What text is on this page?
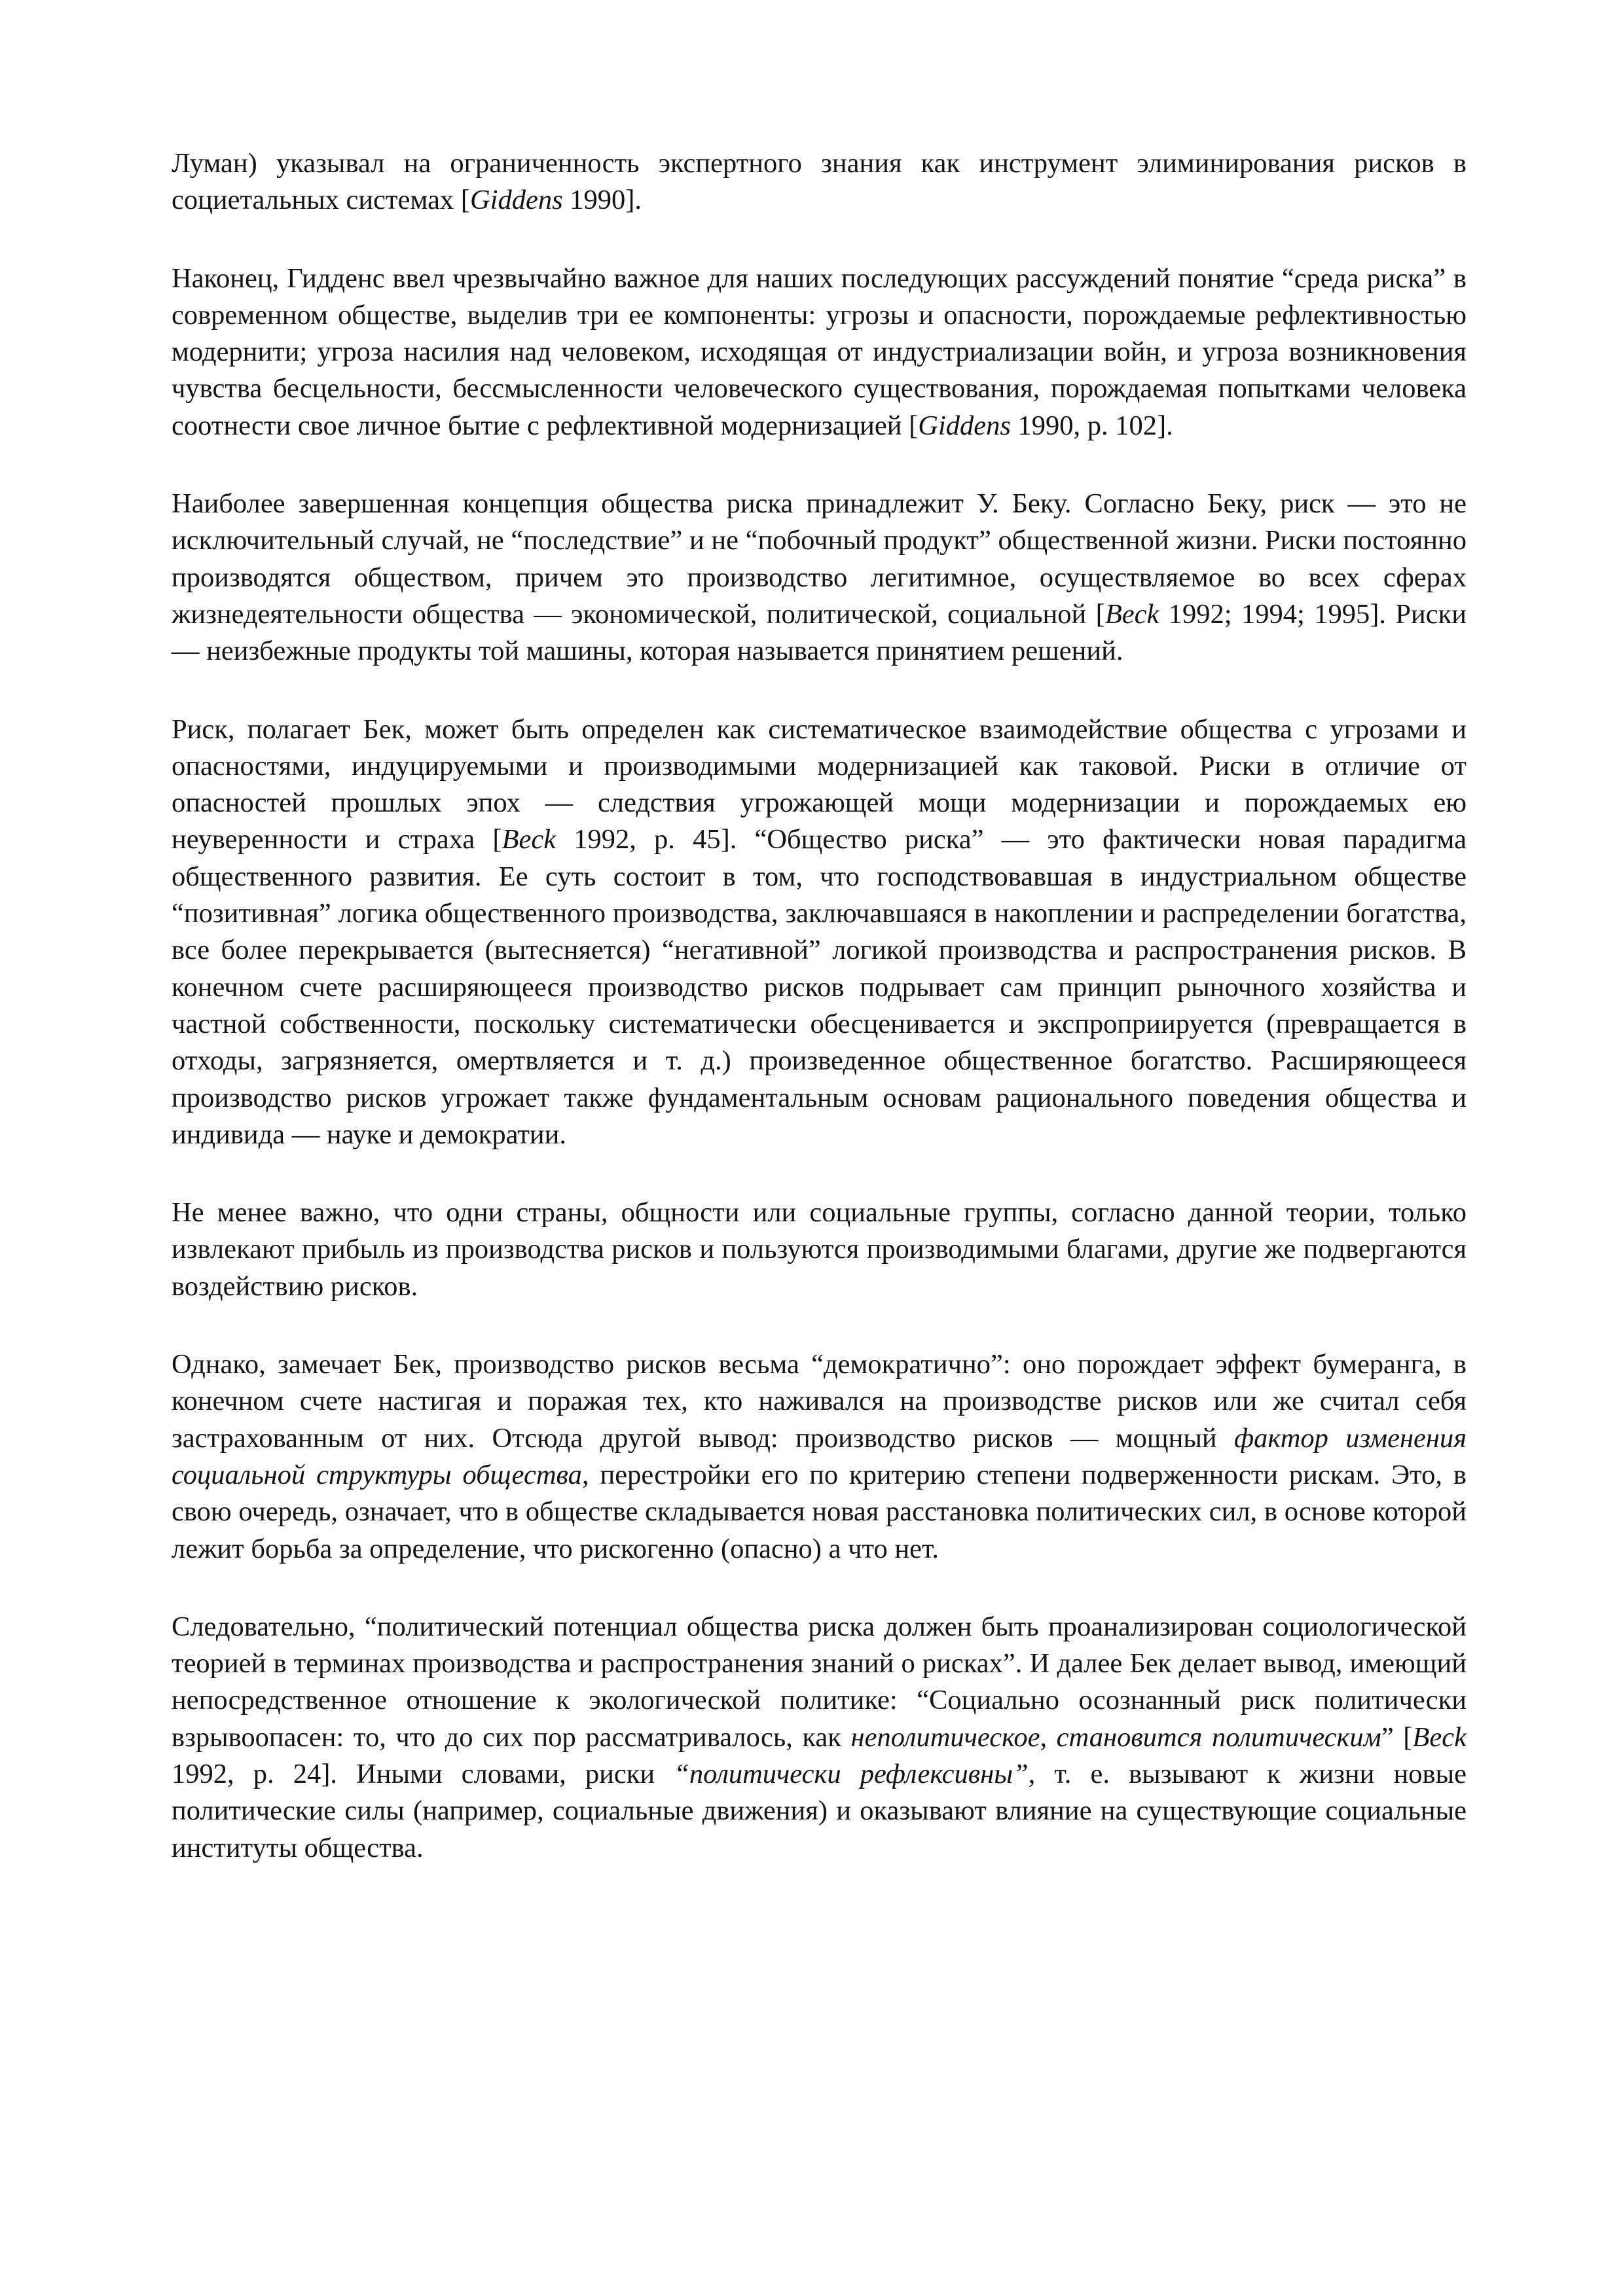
Луман) указывал на ограниченность экспертного знания как инструмент элиминирования рисков в социетальных системах [Giddens 1990].

Наконец, Гидденс ввел чрезвычайно важное для наших последующих рассуждений понятие “среда риска” в современном обществе, выделив три ее компоненты: угрозы и опасности, порождаемые рефлективностью модернити; угроза насилия над человеком, исходящая от индустриализации войн, и угроза возникновения чувства бесцельности, бессмысленности человеческого существования, порождаемая попытками человека соотнести свое личное бытие с рефлективной модернизацией [Giddens 1990, p. 102].

Наиболее завершенная концепция общества риска принадлежит У. Беку. Согласно Беку, риск — это не исключительный случай, не “последствие” и не “побочный продукт” общественной жизни. Риски постоянно производятся обществом, причем это производство легитимное, осуществляемое во всех сферах жизнедеятельности общества — экономической, политической, социальной [Beck 1992; 1994; 1995]. Риски — неизбежные продукты той машины, которая называется принятием решений.

Риск, полагает Бек, может быть определен как систематическое взаимодействие общества с угрозами и опасностями, индуцируемыми и производимыми модернизацией как таковой. Риски в отличие от опасностей прошлых эпох — следствия угрожающей мощи модернизации и порождаемых ею неуверенности и страха [Beck 1992, p. 45]. “Общество риска” — это фактически новая парадигма общественного развития. Ее суть состоит в том, что господствовавшая в индустриальном обществе “позитивная” логика общественного производства, заключавшаяся в накоплении и распределении богатства, все более перекрывается (вытесняется) “негативной” логикой производства и распространения рисков. В конечном счете расширяющееся производство рисков подрывает сам принцип рыночного хозяйства и частной собственности, поскольку систематически обесценивается и экспроприируется (превращается в отходы, загрязняется, омертвляется и т. д.) произведенное общественное богатство. Расширяющееся производство рисков угрожает также фундаментальным основам рационального поведения общества и индивида — науке и демократии.

Не менее важно, что одни страны, общности или социальные группы, согласно данной теории, только извлекают прибыль из производства рисков и пользуются производимыми благами, другие же подвергаются воздействию рисков.

Однако, замечает Бек, производство рисков весьма “демократично”: оно порождает эффект бумеранга, в конечном счете настигая и поражая тех, кто наживался на производстве рисков или же считал себя застрахованным от них. Отсюда другой вывод: производство рисков — мощный фактор изменения социальной структуры общества, перестройки его по критерию степени подверженности рискам. Это, в свою очередь, означает, что в обществе складывается новая расстановка политических сил, в основе которой лежит борьба за определение, что рискогенно (опасно) а что нет.

Следовательно, “политический потенциал общества риска должен быть проанализирован социологической теорией в терминах производства и распространения знаний о рисках”. И далее Бек делает вывод, имеющий непосредственное отношение к экологической политике: “Социально осознанный риск политически взрывоопасен: то, что до сих пор рассматривалось, как неполитическое, становится политическим” [Beck 1992, p. 24]. Иными словами, риски “политически рефлексивны”, т. е. вызывают к жизни новые политические силы (например, социальные движения) и оказывают влияние на существующие социальные институты общества.
